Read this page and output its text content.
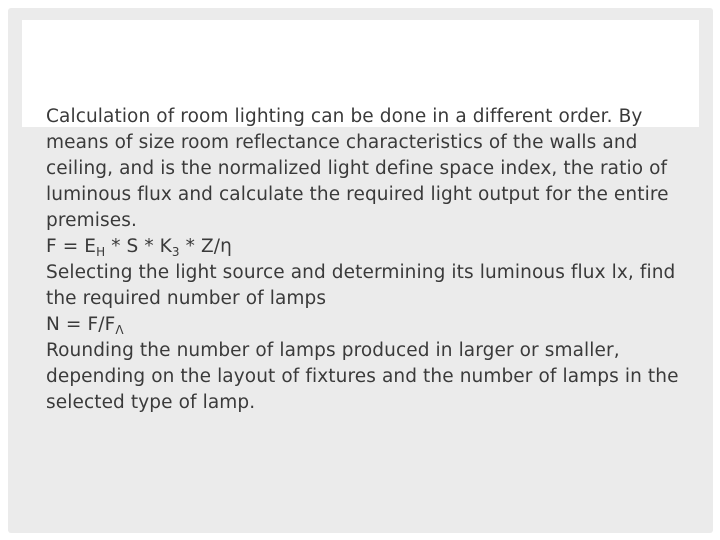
Calculation of room lighting can be done in a different order. By means of size room reflectance characteristics of the walls and ceiling, and is the normalized light define space index, the ratio of luminous flux and calculate the required light output for the entire premises.

$F = E_H * S * K_3 * Z/\eta$

Selecting the light source and determining its luminous flux lx, find the required number of lamps

$N = F/F_\Lambda$

Rounding the number of lamps produced in larger or smaller, depending on the layout of fixtures and the number of lamps in the selected type of lamp.
